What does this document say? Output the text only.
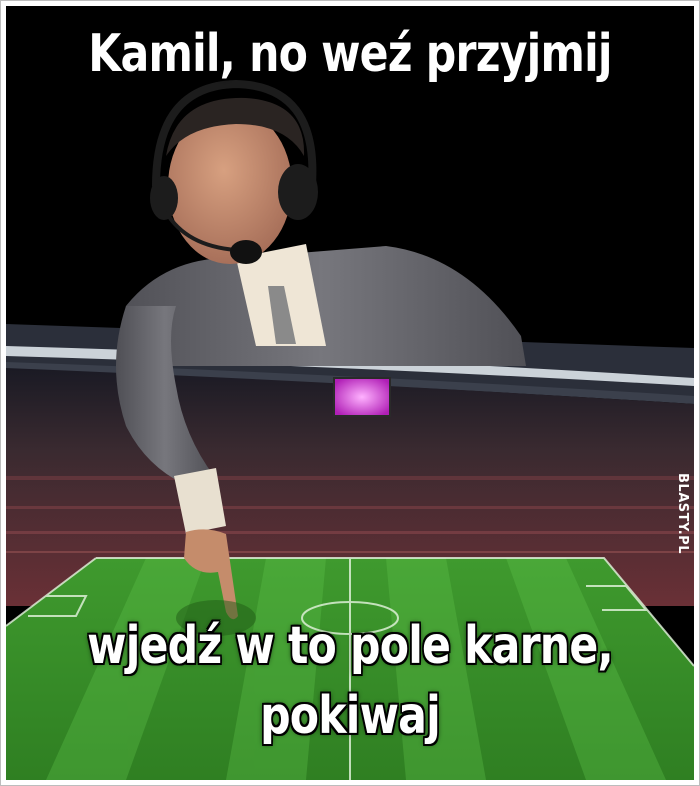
Kamil, no weź przyjmij
wjedź w to pole karne,
pokiwaj
BLASTY.PL
